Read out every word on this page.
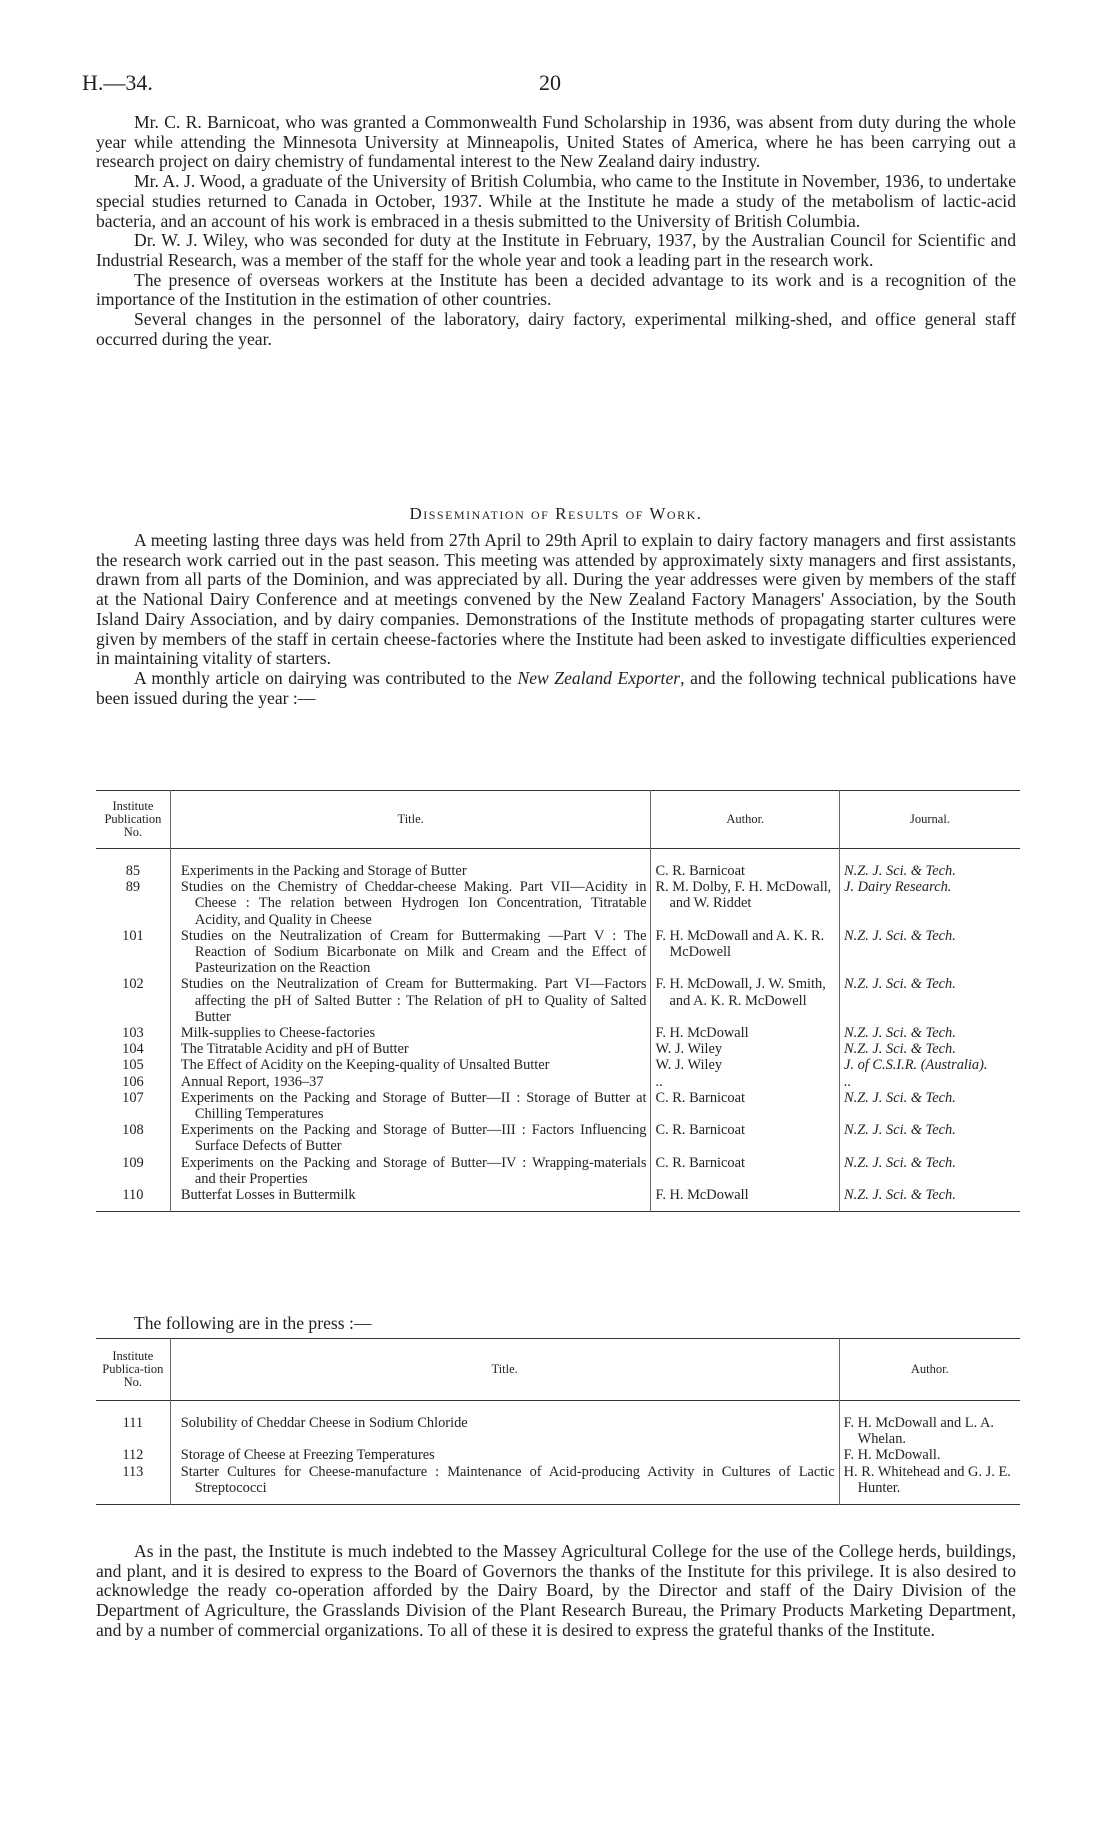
H.—34.	20

Mr. C. R. Barnicoat, who was granted a Commonwealth Fund Scholarship in 1936, was absent from duty during the whole year while attending the Minnesota University at Minneapolis, United States of America, where he has been carrying out a research project on dairy chemistry of fundamental interest to the New Zealand dairy industry.

Mr. A. J. Wood, a graduate of the University of British Columbia, who came to the Institute in November, 1936, to undertake special studies returned to Canada in October, 1937. While at the Institute he made a study of the metabolism of lactic-acid bacteria, and an account of his work is embraced in a thesis submitted to the University of British Columbia.

Dr. W. J. Wiley, who was seconded for duty at the Institute in February, 1937, by the Australian Council for Scientific and Industrial Research, was a member of the staff for the whole year and took a leading part in the research work.

The presence of overseas workers at the Institute has been a decided advantage to its work and is a recognition of the importance of the Institution in the estimation of other countries.

Several changes in the personnel of the laboratory, dairy factory, experimental milking-shed, and office general staff occurred during the year.

Dissemination of Results of Work.

A meeting lasting three days was held from 27th April to 29th April to explain to dairy factory managers and first assistants the research work carried out in the past season. This meeting was attended by approximately sixty managers and first assistants, drawn from all parts of the Dominion, and was appreciated by all. During the year addresses were given by members of the staff at the National Dairy Conference and at meetings convened by the New Zealand Factory Managers' Association, by the South Island Dairy Association, and by dairy companies. Demonstrations of the Institute methods of propagating starter cultures were given by members of the staff in certain cheese-factories where the Institute had been asked to investigate difficulties experienced in maintaining vitality of starters.

A monthly article on dairying was contributed to the New Zealand Exporter, and the following technical publications have been issued during the year :—

Institute Publication No.	Title.	Author.	Journal.
85	Experiments in the Packing and Storage of Butter	C. R. Barnicoat	N.Z. J. Sci. & Tech.
89	Studies on the Chemistry of Cheddar-cheese Making. Part VII—Acidity in Cheese : The relation between Hydrogen Ion Concentration, Titratable Acidity, and Quality in Cheese	R. M. Dolby, F. H. McDowall, and W. Riddet	J. Dairy Research.
101	Studies on the Neutralization of Cream for Buttermaking —Part V : The Reaction of Sodium Bicarbonate on Milk and Cream and the Effect of Pasteurization on the Reaction	F. H. McDowall and A. K. R. McDowell	N.Z. J. Sci. & Tech.
102	Studies on the Neutralization of Cream for Buttermaking. Part VI—Factors affecting the pH of Salted Butter : The Relation of pH to Quality of Salted Butter	F. H. McDowall, J. W. Smith, and A. K. R. McDowell	N.Z. J. Sci. & Tech.
103	Milk-supplies to Cheese-factories	F. H. McDowall	N.Z. J. Sci. & Tech.
104	The Titratable Acidity and pH of Butter	W. J. Wiley	N.Z. J. Sci. & Tech.
105	The Effect of Acidity on the Keeping-quality of Unsalted Butter	W. J. Wiley	J. of C.S.I.R. (Australia).
106	Annual Report, 1936–37	..	..
107	Experiments on the Packing and Storage of Butter—II : Storage of Butter at Chilling Temperatures	C. R. Barnicoat	N.Z. J. Sci. & Tech.
108	Experiments on the Packing and Storage of Butter—III : Factors Influencing Surface Defects of Butter	C. R. Barnicoat	N.Z. J. Sci. & Tech.
109	Experiments on the Packing and Storage of Butter—IV : Wrapping-materials and their Properties	C. R. Barnicoat	N.Z. J. Sci. & Tech.
110	Butterfat Losses in Buttermilk	F. H. McDowall	N.Z. J. Sci. & Tech.
The following are in the press :—
Institute Publica-tion No.	Title.	Author.
111	Solubility of Cheddar Cheese in Sodium Chloride	F. H. McDowall and L. A. Whelan.

112	Storage of Cheese at Freezing Temperatures	F. H. McDowall.

113	Starter Cultures for Cheese-manufacture : Maintenance of Acid-producing Activity in Cultures of Lactic Streptococci	H. R. Whitehead and G. J. E. Hunter.

As in the past, the Institute is much indebted to the Massey Agricultural College for the use of the College herds, buildings, and plant, and it is desired to express to the Board of Governors the thanks of the Institute for this privilege. It is also desired to acknowledge the ready co-operation afforded by the Dairy Board, by the Director and staff of the Dairy Division of the Department of Agriculture, the Grasslands Division of the Plant Research Bureau, the Primary Products Marketing Department, and by a number of commercial organizations. To all of these it is desired to express the grateful thanks of the Institute.
